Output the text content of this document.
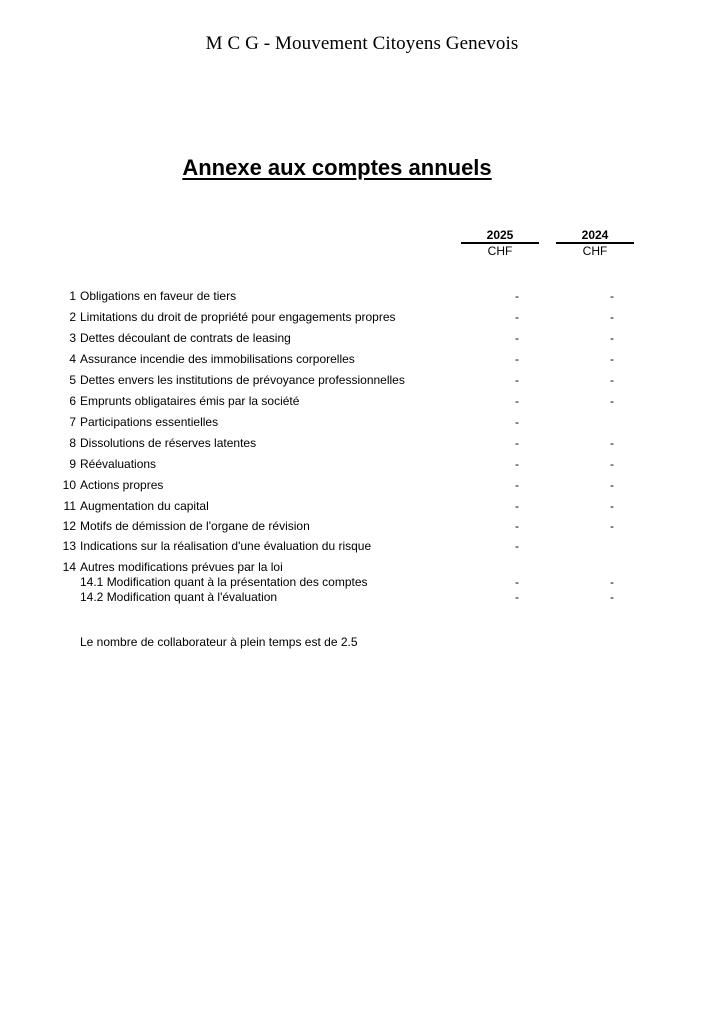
M C G - Mouvement Citoyens Genevois
Annexe aux comptes annuels
2025
CHF
2024
CHF
1 Obligations en faveur de tiers	-	-
2 Limitations du droit de propriété pour engagements propres	-	-
3 Dettes découlant de contrats de leasing	-	-
4 Assurance incendie des immobilisations corporelles	-	-
5 Dettes envers les institutions de prévoyance professionnelles	-	-
6 Emprunts obligataires émis par la société	-	-
7 Participations essentielles	-
8 Dissolutions de réserves latentes	-	-
9 Réévaluations	-	-
10 Actions propres	-	-
11 Augmentation du capital	-	-
12 Motifs de démission de l'organe de révision	-	-
13 Indications sur la réalisation d'une évaluation du risque	-
14 Autres modifications prévues par la loi
14.1 Modification quant à la présentation des comptes	-	-
14.2 Modification quant à l'évaluation	-	-
Le nombre de collaborateur à plein temps est de 2.5
